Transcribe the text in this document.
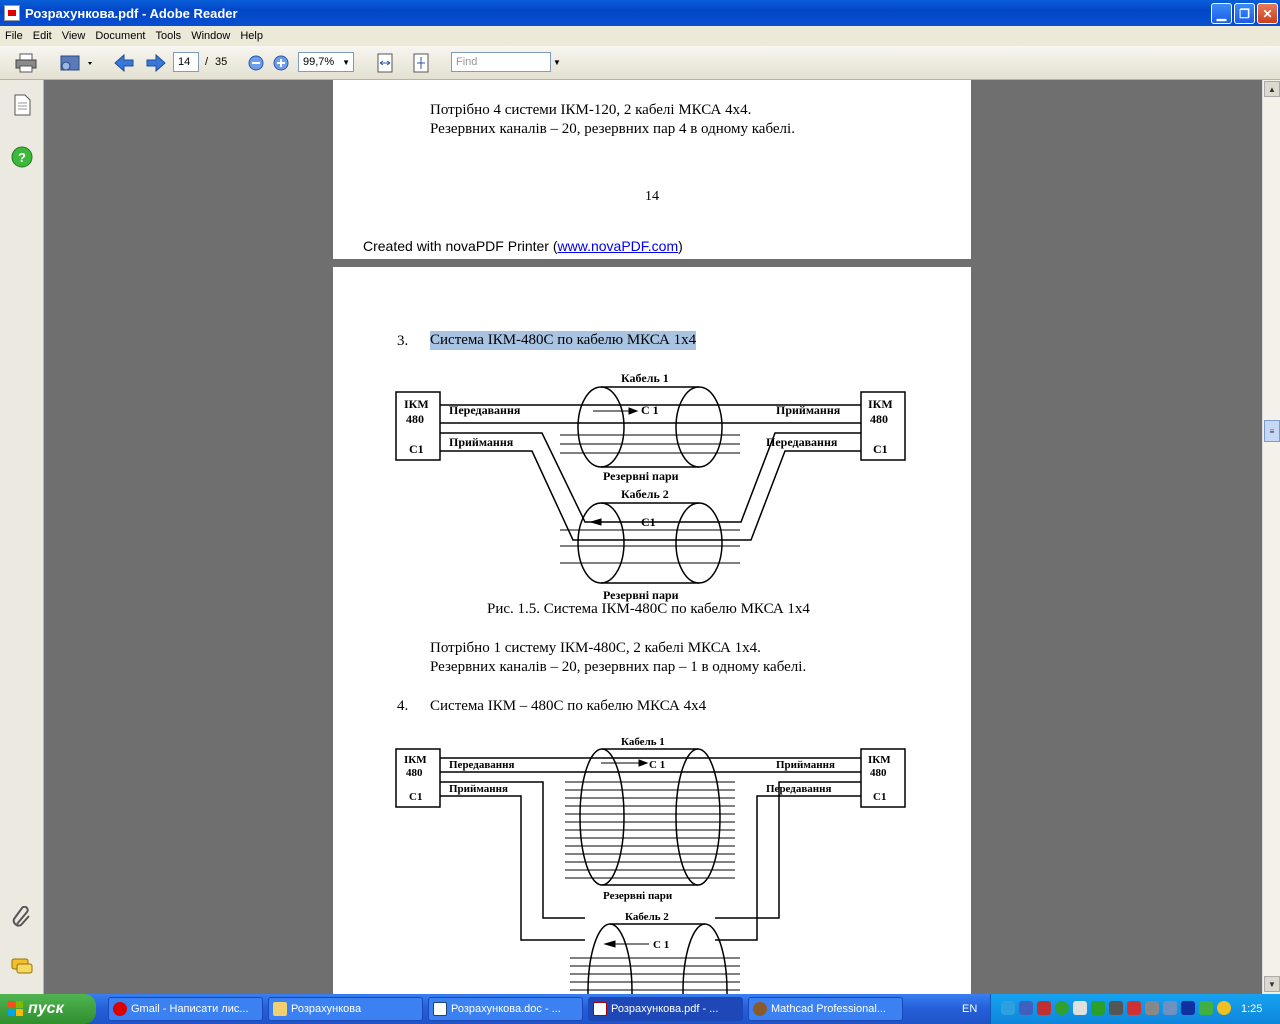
Розрахункова.pdf - Adobe Reader	▁	❐	✕
File Edit View Document Tools Window Help
14	/ 35	99,7% ▼	Find	▼
?
Потрібно 4 системи ІКМ-120, 2 кабелі МКСА 4х4.
Резервних каналів – 20, резервних пар 4 в одному кабелі.
14
Created with novaPDF Printer (www.novaPDF.com)
3. Система ІКМ-480С по кабелю МКСА 1х4
ІКМ
480
С1
ІКМ
480
С1
Передавання
Приймання
Приймання
Передавання
Кабель 1
Кабель 2
С 1
С1
Резервні пари
Резервні пари
Рис. 1.5. Система ІКМ-480С по кабелю МКСА 1х4
Потрібно 1 систему ІКМ-480С, 2 кабелі МКСА 1х4.
Резервних каналів – 20, резервних пар – 1 в одному кабелі.
4. Система ІКМ – 480С по кабелю МКСА 4х4
ІКМ
480
С1
ІКМ
480
С1
Передавання
Приймання
Приймання
Передавання
Кабель 1
Кабель 2
С 1
С 1
Резервні пари
▲
≡
▼
пуск	Gmail - Написати лис...	Розрахункова	Розрахункова.doc - ...	Розрахункова.pdf - ...	Mathcad Professional...	EN	1:25
